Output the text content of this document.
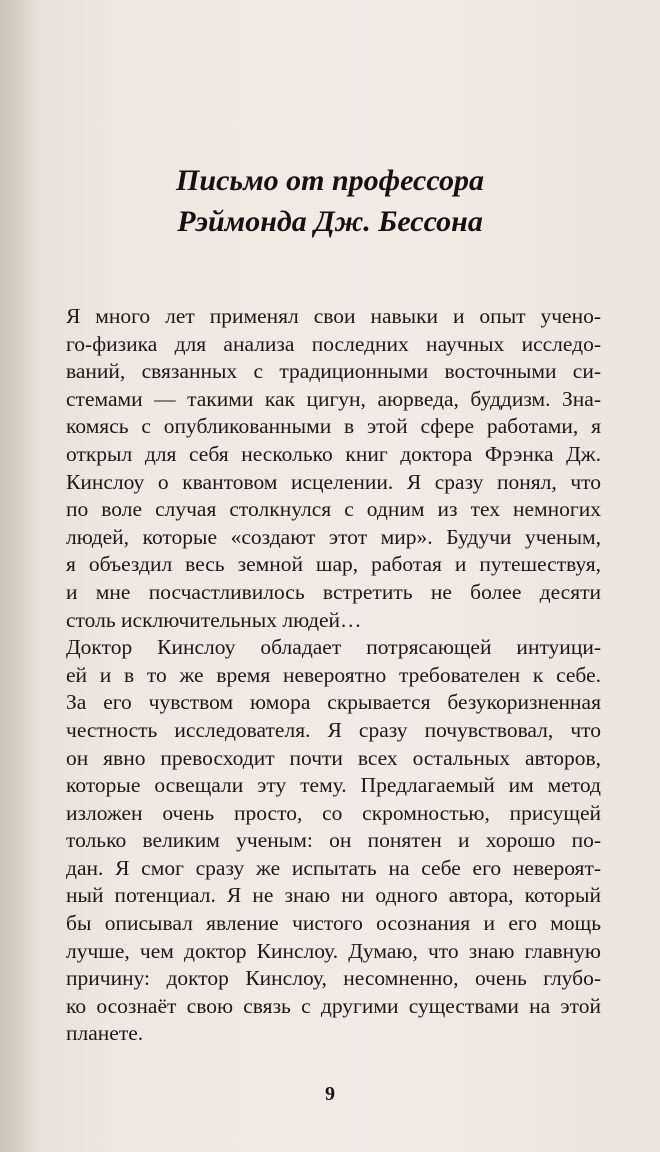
Письмо от профессора
Рэймонда Дж. Бессона

Я много лет применял свои навыки и опыт учено-
го-физика для анализа последних научных исследо-
ваний, связанных с традиционными восточными си-
стемами — такими как цигун, аюрведа, буддизм. Зна-
комясь с опубликованными в этой сфере работами, я
открыл для себя несколько книг доктора Фрэнка Дж.
Кинслоу о квантовом исцелении. Я сразу понял, что
по воле случая столкнулся с одним из тех немногих
людей, которые «создают этот мир». Будучи ученым,
я объездил весь земной шар, работая и путешествуя,
и мне посчастливилось встретить не более десяти
столь исключительных людей…

Доктор Кинслоу обладает потрясающей интуици-
ей и в то же время невероятно требователен к себе.
За его чувством юмора скрывается безукоризненная
честность исследователя. Я сразу почувствовал, что
он явно превосходит почти всех остальных авторов,
которые освещали эту тему. Предлагаемый им метод
изложен очень просто, со скромностью, присущей
только великим ученым: он понятен и хорошо по-
дан. Я смог сразу же испытать на себе его невероят-
ный потенциал. Я не знаю ни одного автора, который
бы описывал явление чистого осознания и его мощь
лучше, чем доктор Кинслоу. Думаю, что знаю главную
причину: доктор Кинслоу, несомненно, очень глубо-
ко осознаёт свою связь с другими существами на этой
планете.

9
